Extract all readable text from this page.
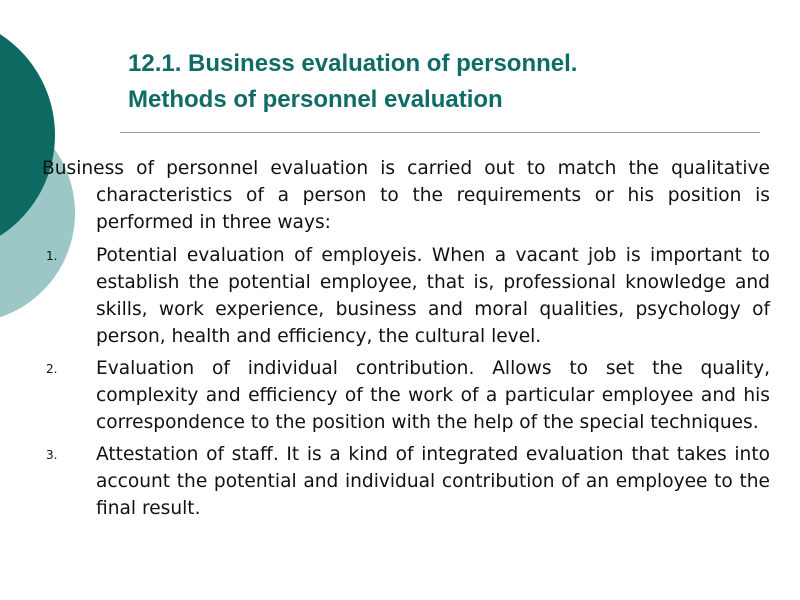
12.1. Business evaluation of personnel.
Methods of personnel evaluation

Business of personnel evaluation is carried out to match the qualitative characteristics of a person to the requirements or his position is performed in three ways:

1. Potential evaluation of employeis. When a vacant job is important to establish the potential employee, that is, professional knowledge and skills, work experience, business and moral qualities, psychology of person, health and efficiency, the cultural level.
2. Evaluation of individual contribution. Allows to set the quality, complexity and efficiency of the work of a particular employee and his correspondence to the position with the help of the special techniques.
3. Attestation of staff. It is a kind of integrated evaluation that takes into account the potential and individual contribution of an employee to the final result.
